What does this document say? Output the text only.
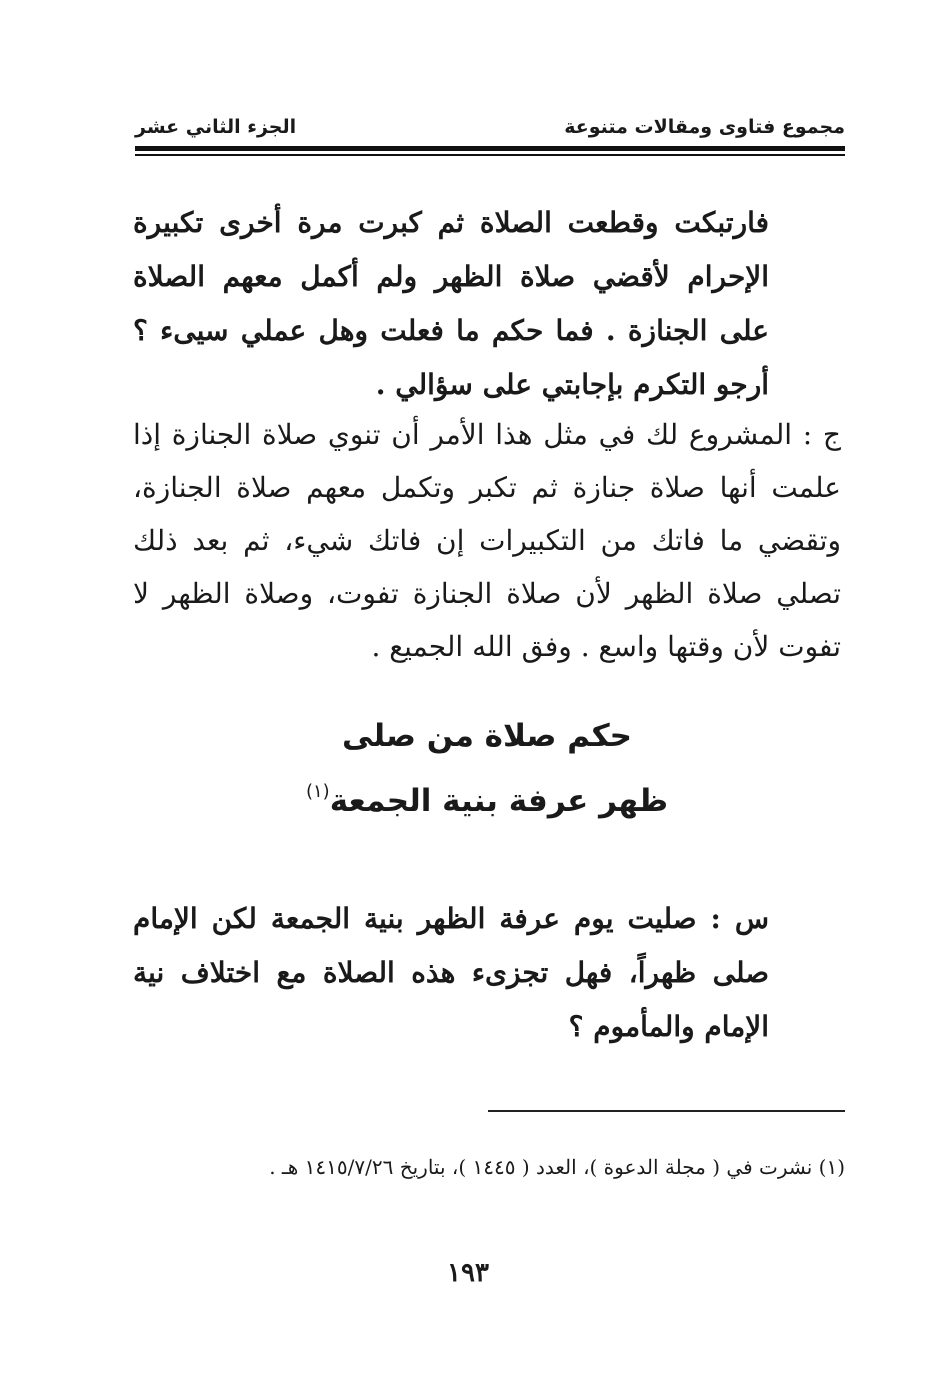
مجموع فتاوى ومقالات متنوعة
الجزء الثاني عشر

فارتبكت وقطعت الصلاة ثم كبرت مرة أخرى تكبيرة الإحرام لأقضي صلاة الظهر ولم أكمل معهم الصلاة على الجنازة . فما حكم ما فعلت وهل عملي سيىء ؟ أرجو التكرم بإجابتي على سؤالي .

ج : المشروع لك في مثل هذا الأمر أن تنوي صلاة الجنازة إذا علمت أنها صلاة جنازة ثم تكبر وتكمل معهم صلاة الجنازة، وتقضي ما فاتك من التكبيرات إن فاتك شيء، ثم بعد ذلك تصلي صلاة الظهر لأن صلاة الجنازة تفوت، وصلاة الظهر لا تفوت لأن وقتها واسع . وفق الله الجميع .

حكم صلاة من صلى
ظهر عرفة بنية الجمعة$^{(١)}$

س : صليت يوم عرفة الظهر بنية الجمعة لكن الإمام صلى ظهراً، فهل تجزىء هذه الصلاة مع اختلاف نية الإمام والمأموم ؟

(١) نشرت في ( مجلة الدعوة )، العدد ( ١٤٤٥ )، بتاريخ ١٤١٥/٧/٢٦ هـ .

١٩٣
